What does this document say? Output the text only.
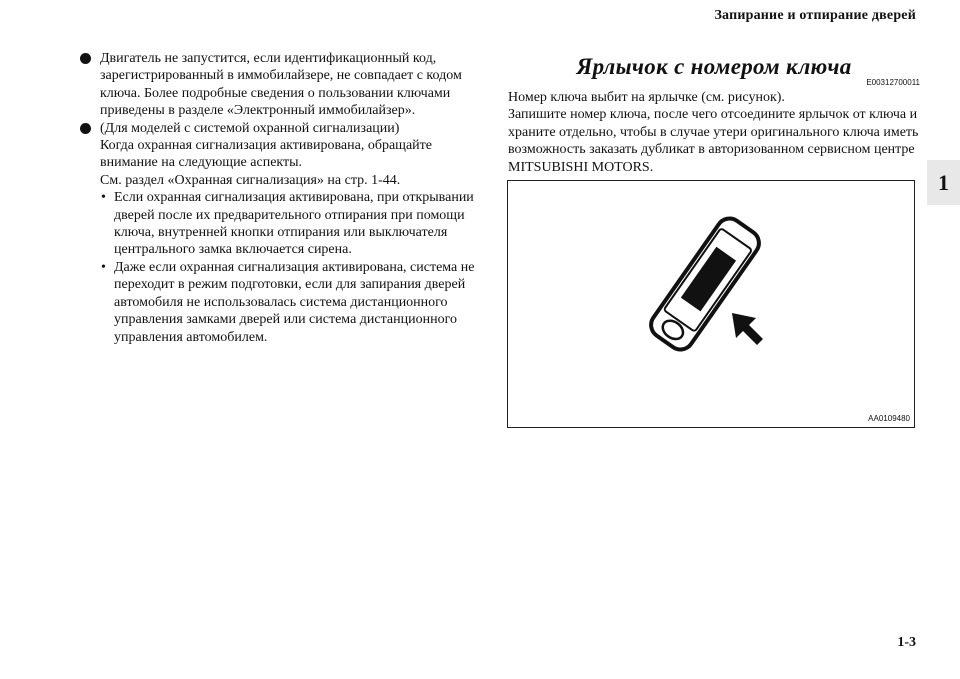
Запирание и отпирание дверей
1

Двигатель не запустится, если идентификационный код,

зарегистрированный в иммобилайзере, не совпадает с кодом

ключа. Более подробные сведения о пользовании ключами

приведены в разделе «Электронный иммобилайзер».

(Для моделей с системой охранной сигнализации)

Когда охранная сигнализация активирована, обращайте

внимание на следующие аспекты.

См. раздел «Охранная сигнализация» на стр. 1-44.

• Если охранная сигнализация активирована, при открывании

дверей после их предварительного отпирания при помощи

ключа, внутренней кнопки отпирания или выключателя

центрального замка включается сирена.

• Даже если охранная сигнализация активирована, система не

переходит в режим подготовки, если для запирания дверей

автомобиля не использовалась система дистанционного

управления замками дверей или система дистанционного

управления автомобилем.

Ярлычок с номером ключа
E00312700011

Номер ключа выбит на ярлычке (см. рисунок).

Запишите номер ключа, после чего отсоедините ярлычок от ключа и

храните отдельно, чтобы в случае утери оригинального ключа иметь

возможность заказать дубликат в авторизованном сервисном центре

MITSUBISHI MOTORS.

AA0109480
1-3
